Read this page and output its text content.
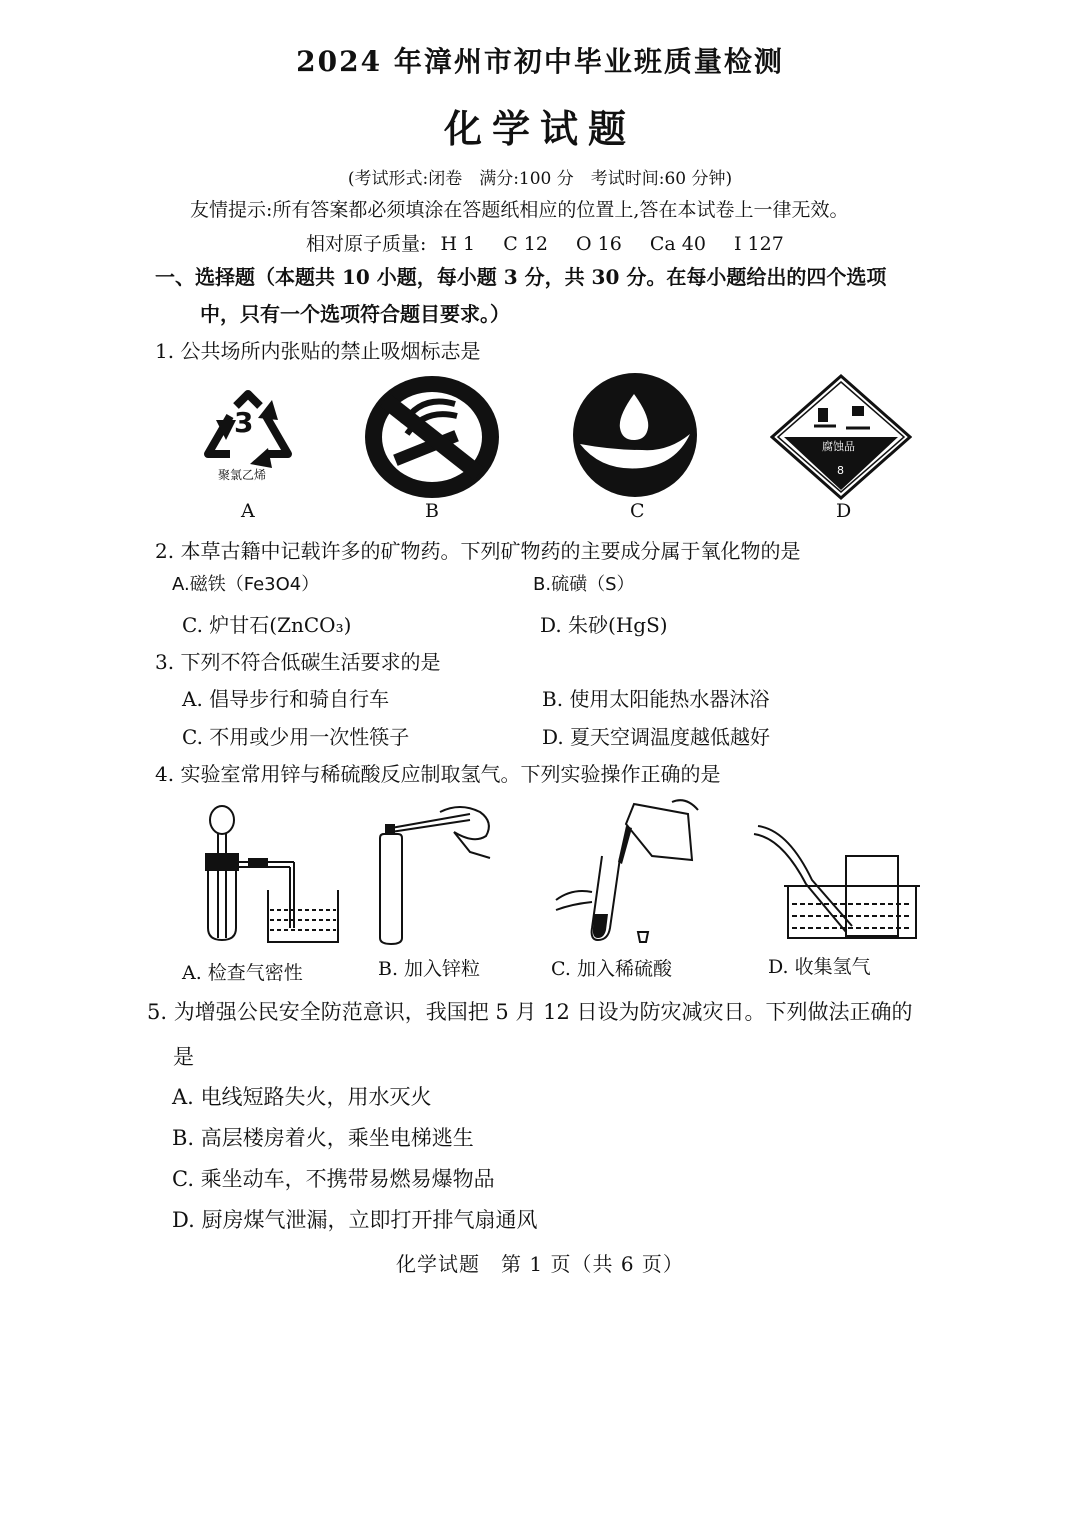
2024 年漳州市初中毕业班质量检测
化学试题
(考试形式:闭卷　满分:100 分　考试时间:60 分钟)
友情提示:所有答案都必须填涂在答题纸相应的位置上,答在本试卷上一律无效。
相对原子质量: H 1 C 12 O 16 Ca 40 I 127
一、选择题（本题共 10 小题，每小题 3 分，共 30 分。在每小题给出的四个选项
中，只有一个选项符合题目要求。）
1. 公共场所内张贴的禁止吸烟标志是
3
聚氯乙烯
腐蚀品
8
A	B	C	D
2. 本草古籍中记载许多的矿物药。下列矿物药的主要成分属于氧化物的是
A.磁铁（Fe3O4）	B.硫磺（S）
C. 炉甘石(ZnCO₃)	D. 朱砂(HgS)
3. 下列不符合低碳生活要求的是
A. 倡导步行和骑自行车	B. 使用太阳能热水器沐浴
C. 不用或少用一次性筷子	D. 夏天空调温度越低越好
4. 实验室常用锌与稀硫酸反应制取氢气。下列实验操作正确的是
A. 检查气密性	B. 加入锌粒	C. 加入稀硫酸	D. 收集氢气
5. 为增强公民安全防范意识，我国把 5 月 12 日设为防灾减灾日。下列做法正确的
是
A. 电线短路失火，用水灭火
B. 高层楼房着火，乘坐电梯逃生
C. 乘坐动车，不携带易燃易爆物品
D. 厨房煤气泄漏，立即打开排气扇通风
化学试题　第 1 页（共 6 页）
